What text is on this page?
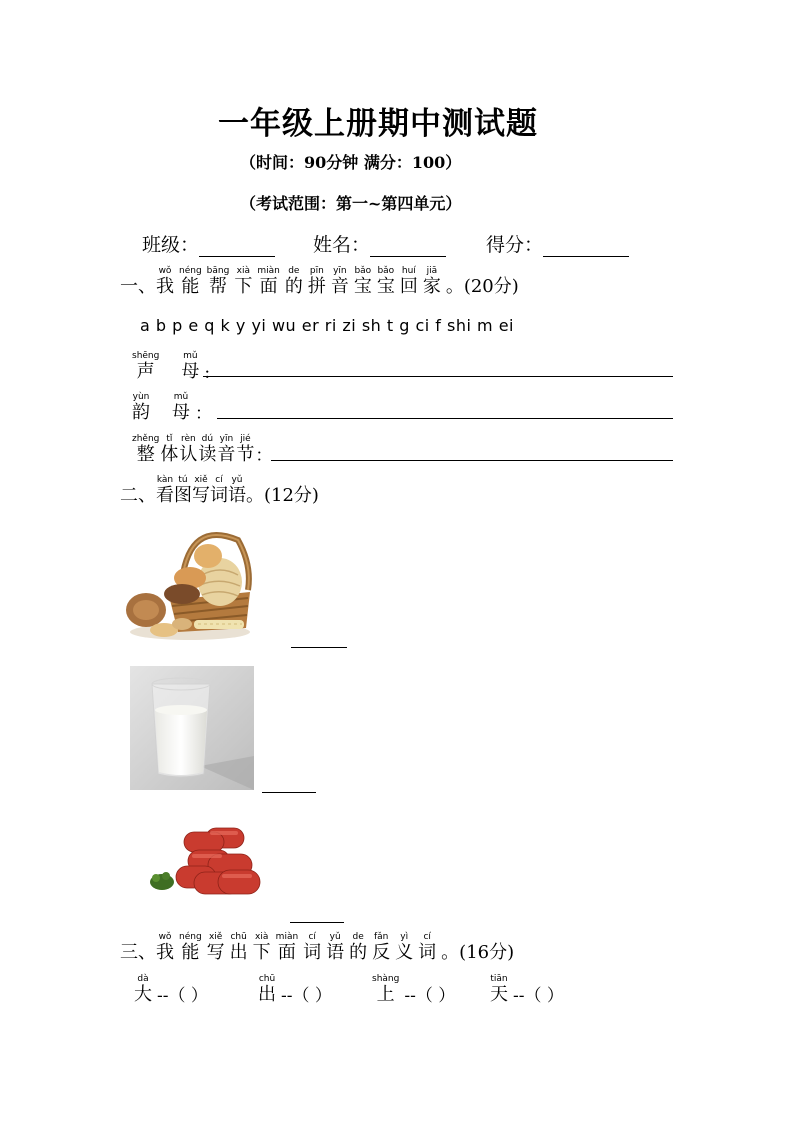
一年级上册期中测试题
（时间：90分钟 满分：100）
（考试范围：第一~第四单元）
班级：	姓名：	得分：
一、
wǒ
我
néng
能
bāng
帮
xià
下
miàn
面
de
的
pīn
拼
yīn
音
bǎo
宝
bǎo
宝
huí
回
jiā
家 。(20分)
a b p e q k y yi wu er ri zi sh t g ci f shi m ei
shēng
声
mǔ
母 :
yùn
韵
mǔ
母 ：
zhěng
整
tǐ
体
rèn
认
dú
读
yīn
音
jié
节 ：
二、
kàn
看
tú
图
xiě
写
cí
词
yǔ
语 。(12分)
三、
wǒ
我
néng
能
xiě
写
chū
出
xià
下
miàn
面
cí
词
yǔ
语
de
的
fǎn
反
yì
义
cí
词 。(16分)
dà
大 --（ ）
chū
出 --（ ）
shàng
上 --（ ）
tiān
天 --（ ）
